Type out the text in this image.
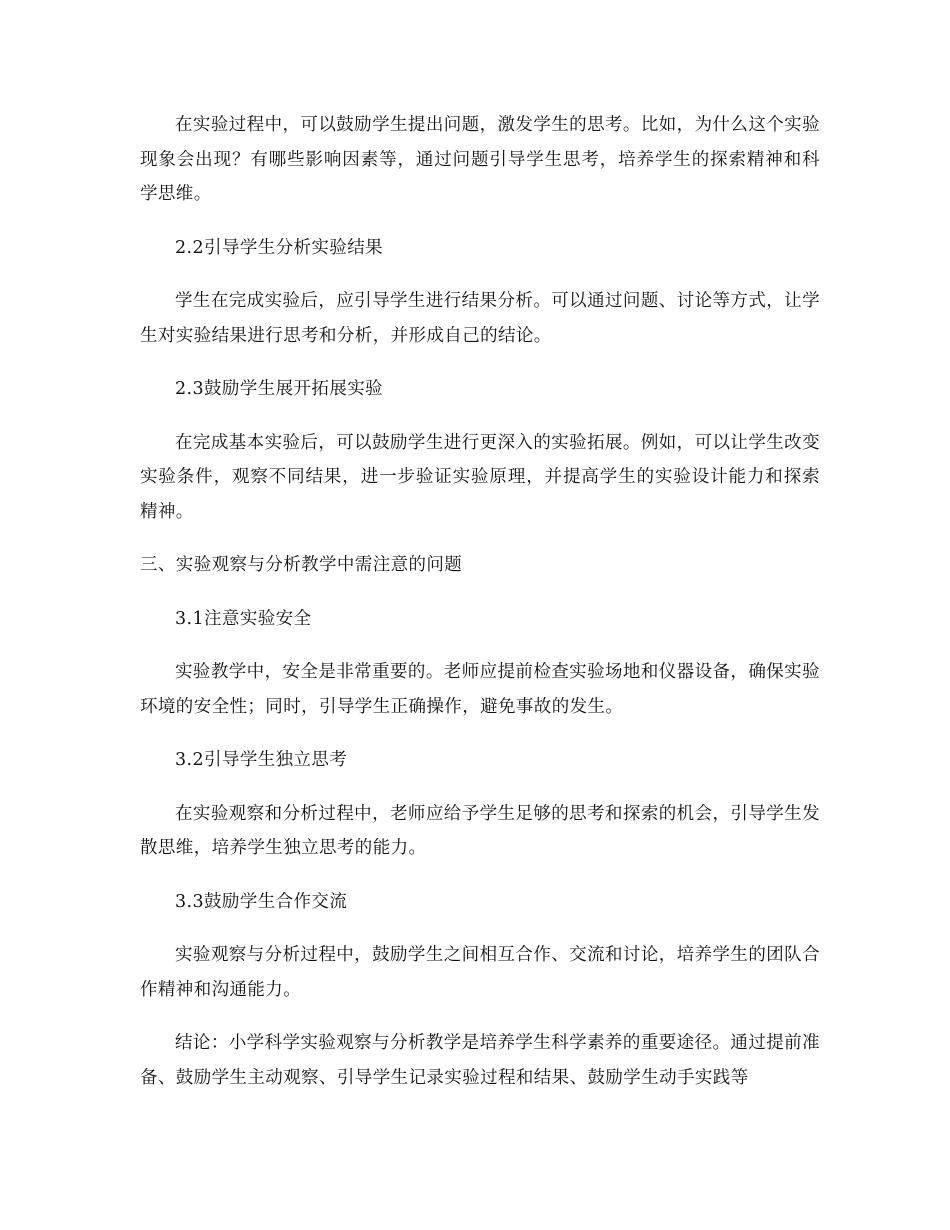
在实验过程中，可以鼓励学生提出问题，激发学生的思考。比如，为什么这个实验现象会出现？有哪些影响因素等，通过问题引导学生思考，培养学生的探索精神和科学思维。

2.2引导学生分析实验结果

学生在完成实验后，应引导学生进行结果分析。可以通过问题、讨论等方式，让学生对实验结果进行思考和分析，并形成自己的结论。

2.3鼓励学生展开拓展实验

在完成基本实验后，可以鼓励学生进行更深入的实验拓展。例如，可以让学生改变实验条件，观察不同结果，进一步验证实验原理，并提高学生的实验设计能力和探索精神。

三、实验观察与分析教学中需注意的问题

3.1注意实验安全

实验教学中，安全是非常重要的。老师应提前检查实验场地和仪器设备，确保实验环境的安全性；同时，引导学生正确操作，避免事故的发生。

3.2引导学生独立思考

在实验观察和分析过程中，老师应给予学生足够的思考和探索的机会，引导学生发散思维，培养学生独立思考的能力。

3.3鼓励学生合作交流

实验观察与分析过程中，鼓励学生之间相互合作、交流和讨论，培养学生的团队合作精神和沟通能力。

结论：小学科学实验观察与分析教学是培养学生科学素养的重要途径。通过提前准备、鼓励学生主动观察、引导学生记录实验过程和结果、鼓励学生动手实践等
